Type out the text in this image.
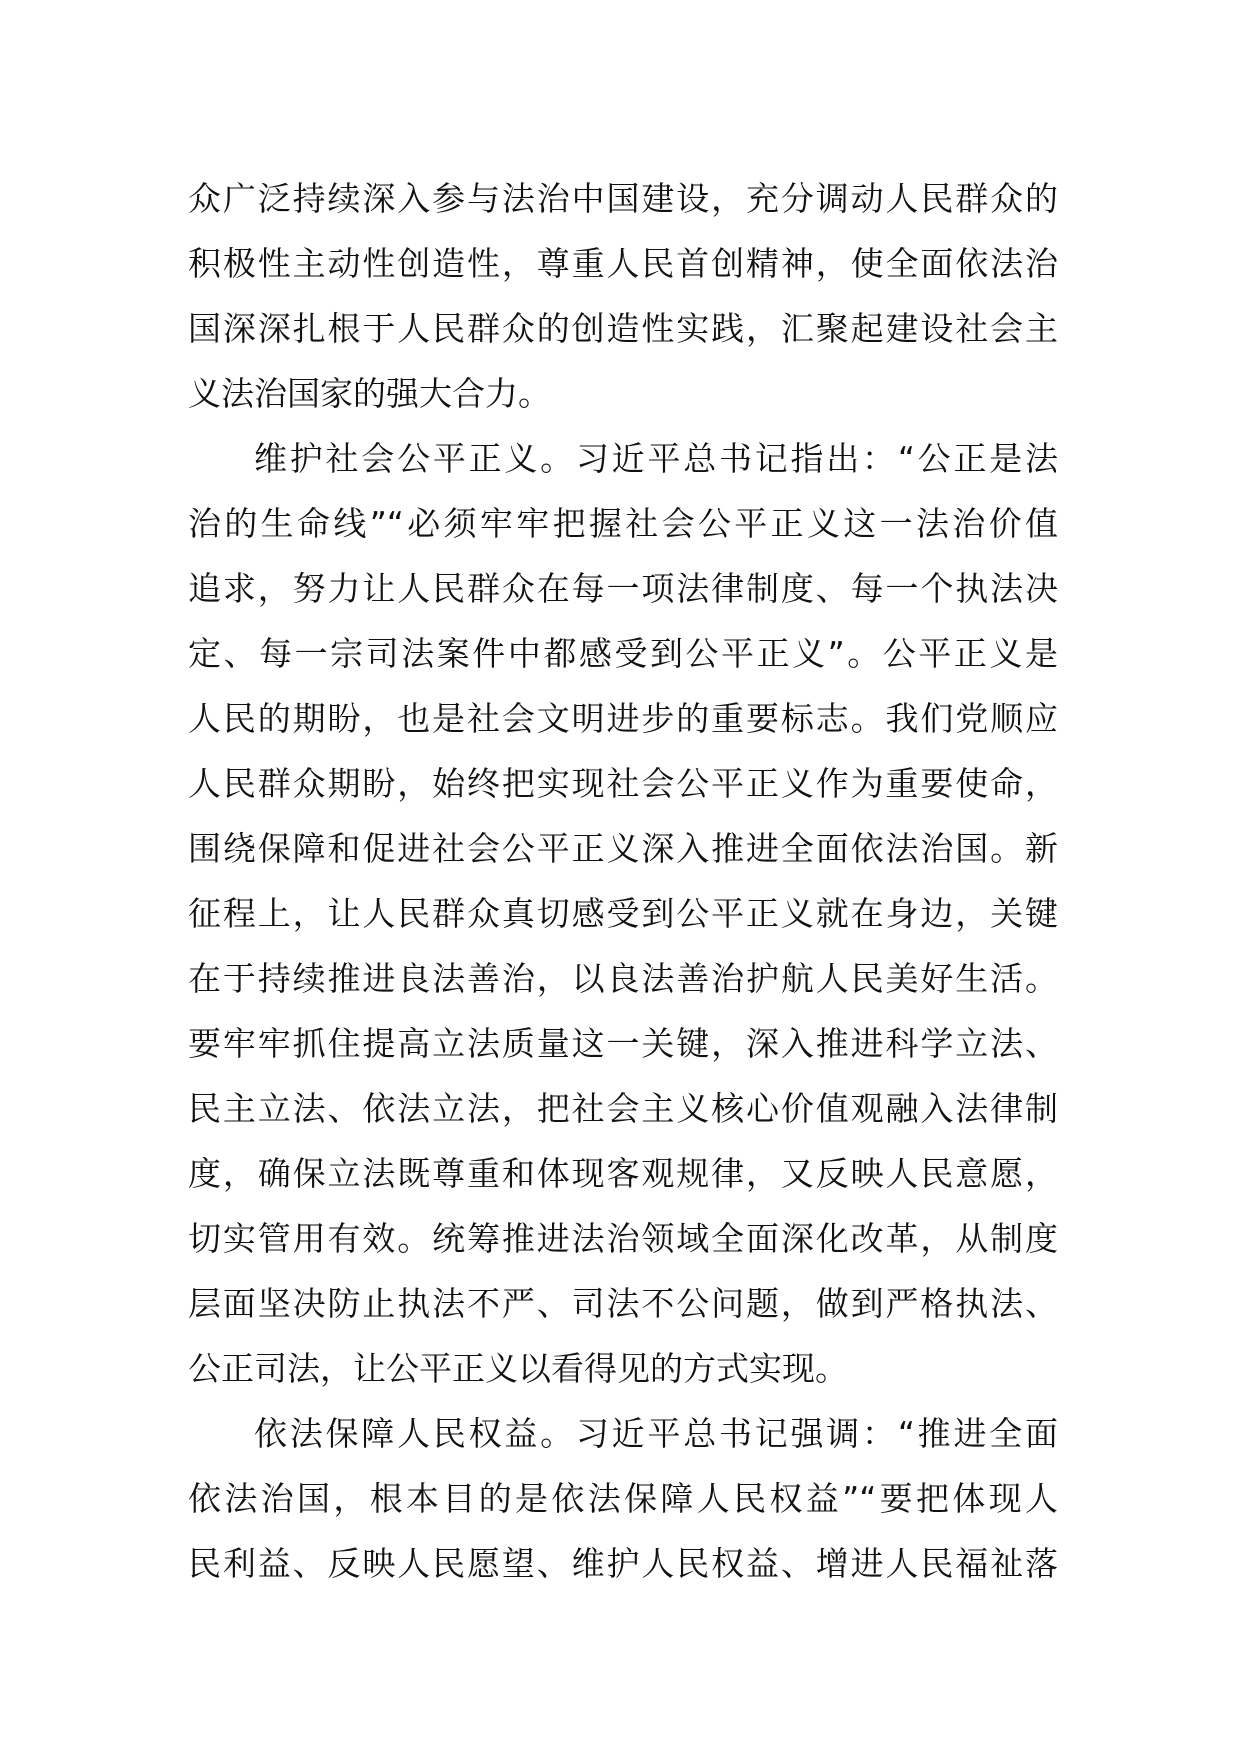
众广泛持续深入参与法治中国建设，充分调动人民群众的
积极性主动性创造性，尊重人民首创精神，使全面依法治
国深深扎根于人民群众的创造性实践，汇聚起建设社会主
义法治国家的强大合力。
维护社会公平正义。习近平总书记指出：“公正是法
治的生命线”“必须牢牢把握社会公平正义这一法治价值
追求，努力让人民群众在每一项法律制度、每一个执法决
定、每一宗司法案件中都感受到公平正义”。公平正义是
人民的期盼，也是社会文明进步的重要标志。我们党顺应
人民群众期盼，始终把实现社会公平正义作为重要使命，
围绕保障和促进社会公平正义深入推进全面依法治国。新
征程上，让人民群众真切感受到公平正义就在身边，关键
在于持续推进良法善治，以良法善治护航人民美好生活。
要牢牢抓住提高立法质量这一关键，深入推进科学立法、
民主立法、依法立法，把社会主义核心价值观融入法律制
度，确保立法既尊重和体现客观规律，又反映人民意愿，
切实管用有效。统筹推进法治领域全面深化改革，从制度
层面坚决防止执法不严、司法不公问题，做到严格执法、
公正司法，让公平正义以看得见的方式实现。
依法保障人民权益。习近平总书记强调：“推进全面
依法治国，根本目的是依法保障人民权益”“要把体现人
民利益、反映人民愿望、维护人民权益、增进人民福祉落
